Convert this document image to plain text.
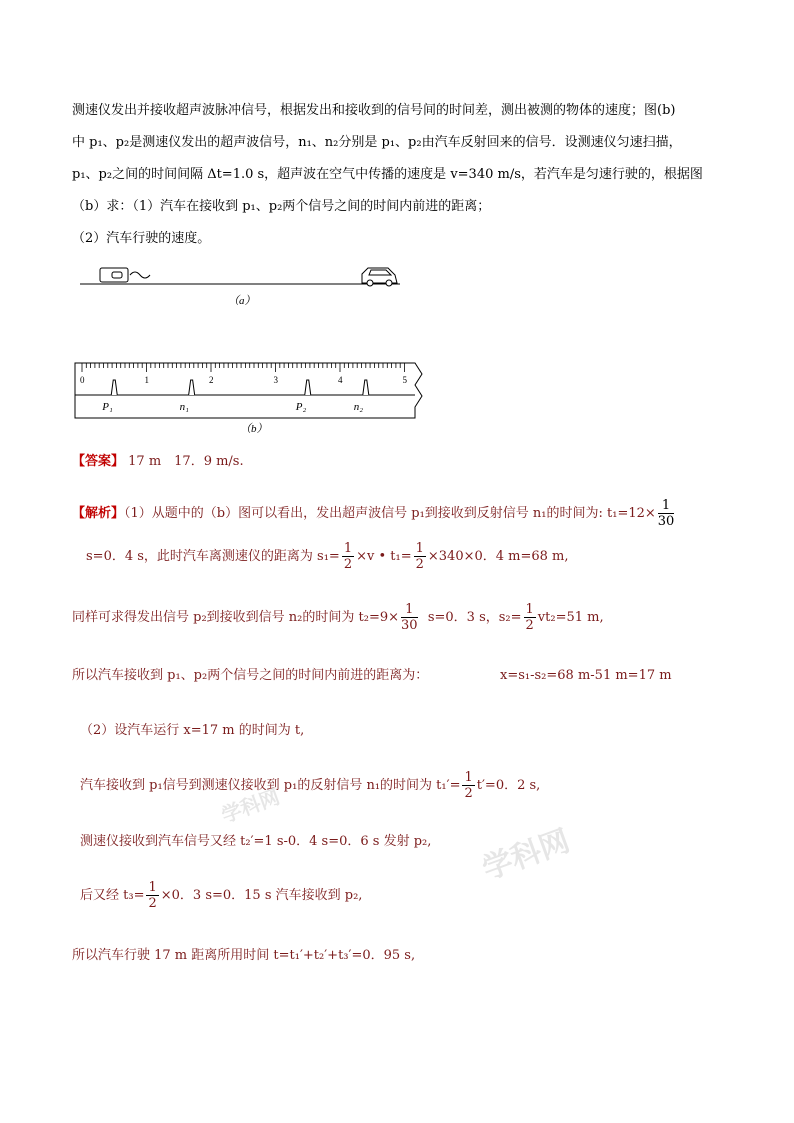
学科网
学科网
测速仪发出并接收超声波脉冲信号，根据发出和接收到的信号间的时间差，测出被测的物体的速度；图(b)
中 p₁、p₂是测速仪发出的超声波信号，n₁、n₂分别是 p₁、p₂由汽车反射回来的信号．设测速仪匀速扫描，
p₁、p₂之间的时间间隔 Δt=1.0 s，超声波在空气中传播的速度是 v=340 m/s，若汽车是匀速行驶的，根据图
（b）求：（1）汽车在接收到 p₁、p₂两个信号之间的时间内前进的距离；
（2）汽车行驶的速度。
（a）
0	1	2	3	4	5
P₁	n₁	P₂	n₂
（b）
【答案】 17 m　17．9 m/s.
【解析】（1）从题中的（b）图可以看出，发出超声波信号 p₁到接收到反射信号 n₁的时间为: $t_1=12\times \frac{1}{30}$
s=0．4 s，此时汽车离测速仪的距离为 $s_1= \frac{1}{2} \times v$ • $t_1= \frac{1}{2} \times 340\times 0$．4 m=68 m,
同样可求得发出信号 p₂到接收到信号 n₂的时间为 $t_2=9\times \frac{1}{30} s=0$．3 s，$s_2= \frac{1}{2} vt_2=51$ m,
所以汽车接收到 p₁、p₂两个信号之间的时间内前进的距离为：	x=s₁-s₂=68 m-51 m=17 m
（2）设汽车运行 x=17 m 的时间为 t,
汽车接收到 p₁信号到测速仪接收到 p₁的反射信号 n₁的时间为 $t_1'= \frac{1}{2} t'=0$．2 s,
测速仪接收到汽车信号又经 t₂′=1 s-0．4 s=0．6 s 发射 p₂,
后又经 $t_3= \frac{1}{2} \times 0$．3 s=0．15 s 汽车接收到 p₂,
所以汽车行驶 17 m 距离所用时间 t=t₁′+t₂′+t₃′=0．95 s,
